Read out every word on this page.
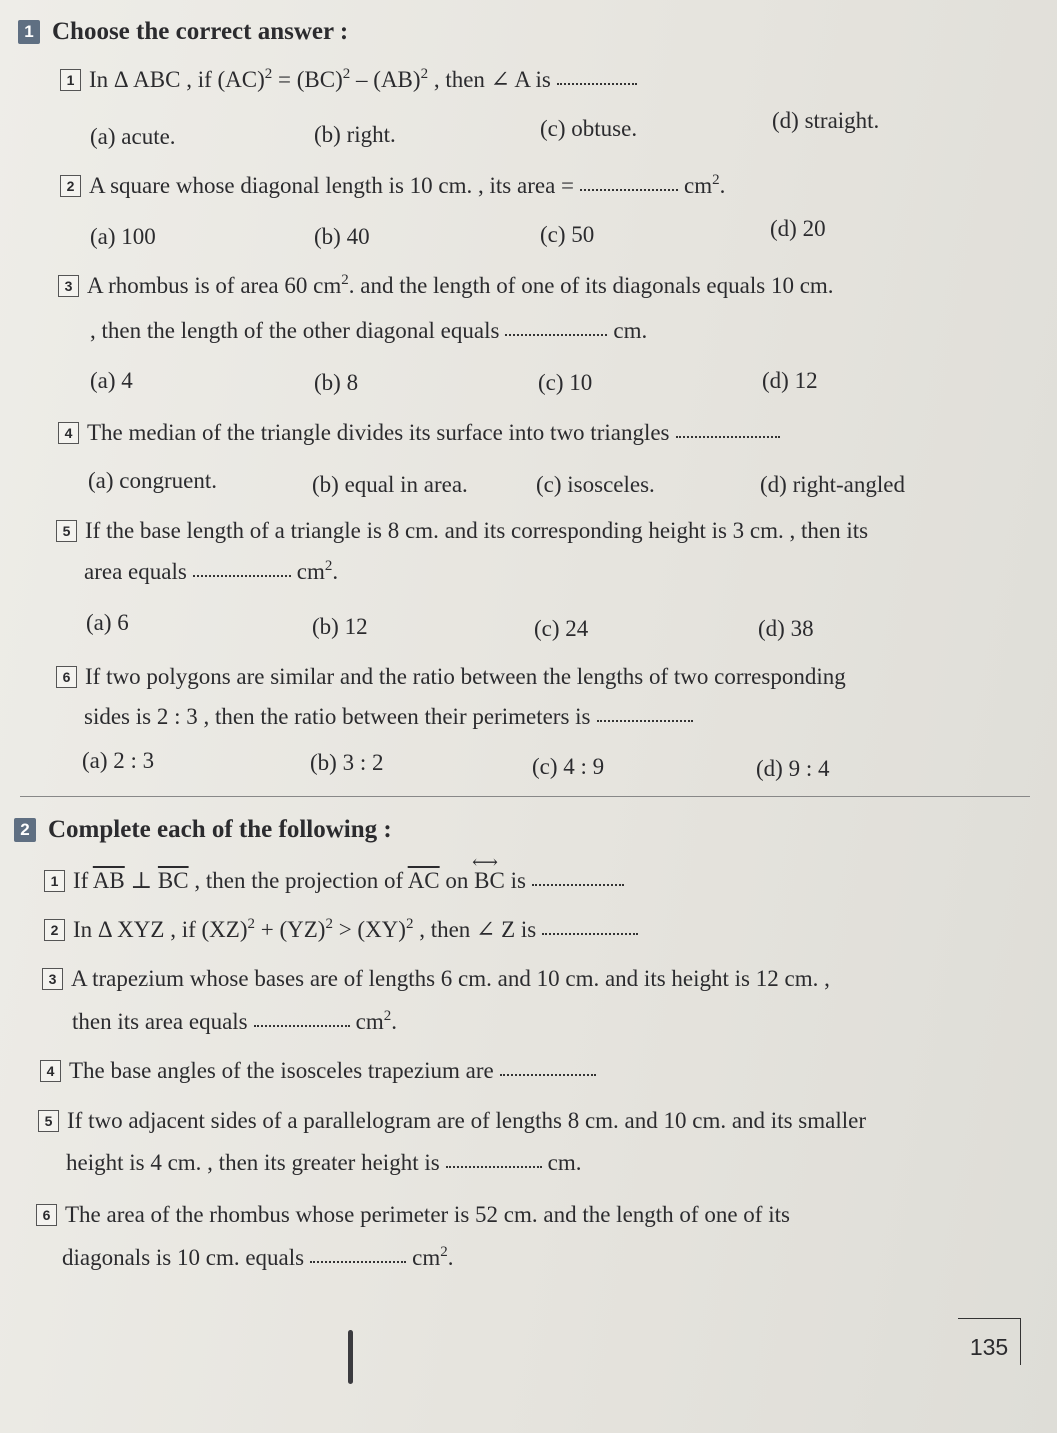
1 Choose the correct answer :
1 In Δ ABC , if (AC)$^2$ = (BC)$^2$ – (AB)$^2$ , then ∠ A is
(a) acute.	(b) right.	(c) obtuse.	(d) straight.
2 A square whose diagonal length is 10 cm. , its area =	$cm^2$.
(a) 100	(b) 40	(c) 50	(d) 20
3 A rhombus is of area 60 $cm^2$. and the length of one of its diagonals equals 10 cm.
, then the length of the other diagonal equals	cm.
(a) 4	(b) 8	(c) 10	(d) 12
4 The median of the triangle divides its surface into two triangles
(a) congruent.	(b) equal in area.	(c) isosceles.	(d) right-angled
5 If the base length of a triangle is 8 cm. and its corresponding height is 3 cm. , then its
area equals	$cm^2$.
(a) 6	(b) 12	(c) 24	(d) 38
6 If two polygons are similar and the ratio between the lengths of two corresponding
sides is 2 : 3 , then the ratio between their perimeters is
(a) 2 : 3	(b) 3 : 2	(c) 4 : 9	(d) 9 : 4
2 Complete each of the following :
1 If $\overline{AB}$ ⊥ $\overline{BC}$ , then the projection of $\overline{AC}$ on ⟷ BC is
2 In Δ XYZ , if (XZ)$^2$ + (YZ)$^2$ > (XY)$^2$ , then ∠ Z is
3 A trapezium whose bases are of lengths 6 cm. and 10 cm. and its height is 12 cm. ,
then its area equals	$cm^2$.
4 The base angles of the isosceles trapezium are
5 If two adjacent sides of a parallelogram are of lengths 8 cm. and 10 cm. and its smaller
height is 4 cm. , then its greater height is	cm.
6 The area of the rhombus whose perimeter is 52 cm. and the length of one of its
diagonals is 10 cm. equals	$cm^2$.
135
